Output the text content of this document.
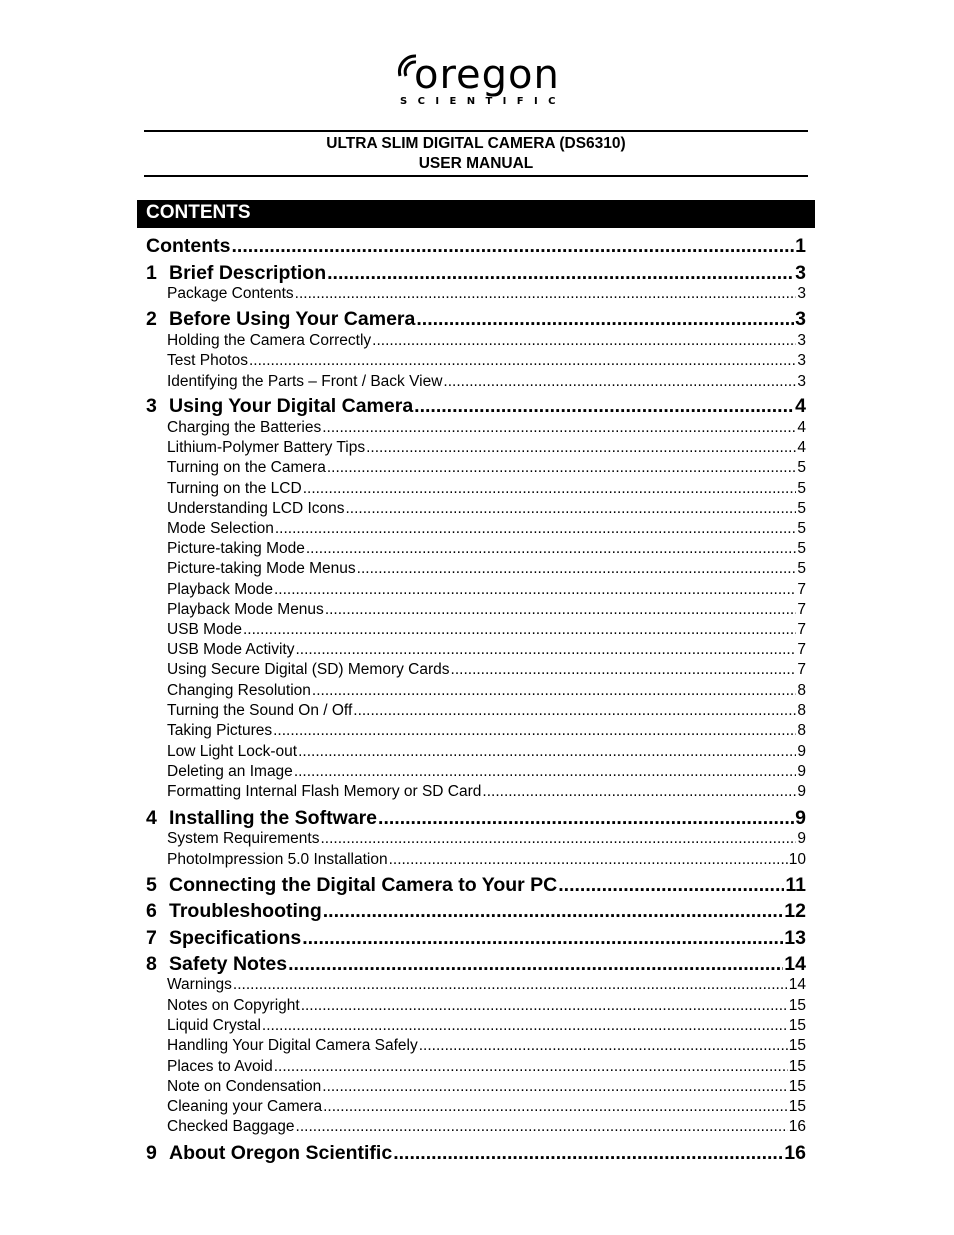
oregon
SCIENTIFIC
ULTRA SLIM DIGITAL CAMERA (DS6310)
USER MANUAL
CONTENTS
Contents .....	1
1 Brief Description .....	3
Package Contents .....	3
2 Before Using Your Camera .....	3
Holding the Camera Correctly .....	3
Test Photos .....	3
Identifying the Parts – Front / Back View .....	3
3 Using Your Digital Camera .....	4
Charging the Batteries .....	4
Lithium-Polymer Battery Tips .....	4
Turning on the Camera .....	5
Turning on the LCD .....	5
Understanding LCD Icons .....	5
Mode Selection .....	5
Picture-taking Mode .....	5
Picture-taking Mode Menus .....	5
Playback Mode .....	7
Playback Mode Menus .....	7
USB Mode .....	7
USB Mode Activity .....	7
Using Secure Digital (SD) Memory Cards .....	7
Changing Resolution .....	8
Turning the Sound On / Off .....	8
Taking Pictures .....	8
Low Light Lock-out .....	9
Deleting an Image .....	9
Formatting Internal Flash Memory or SD Card .....	9
4 Installing the Software .....	9
System Requirements .....	9
PhotoImpression 5.0 Installation .....	10
5 Connecting the Digital Camera to Your PC .....	11
6 Troubleshooting .....	12
7 Specifications .....	13
8 Safety Notes .....	14
Warnings .....	14
Notes on Copyright .....	15
Liquid Crystal .....	15
Handling Your Digital Camera Safely .....	15
Places to Avoid .....	15
Note on Condensation .....	15
Cleaning your Camera .....	15
Checked Baggage .....	16
9 About Oregon Scientific .....	16
